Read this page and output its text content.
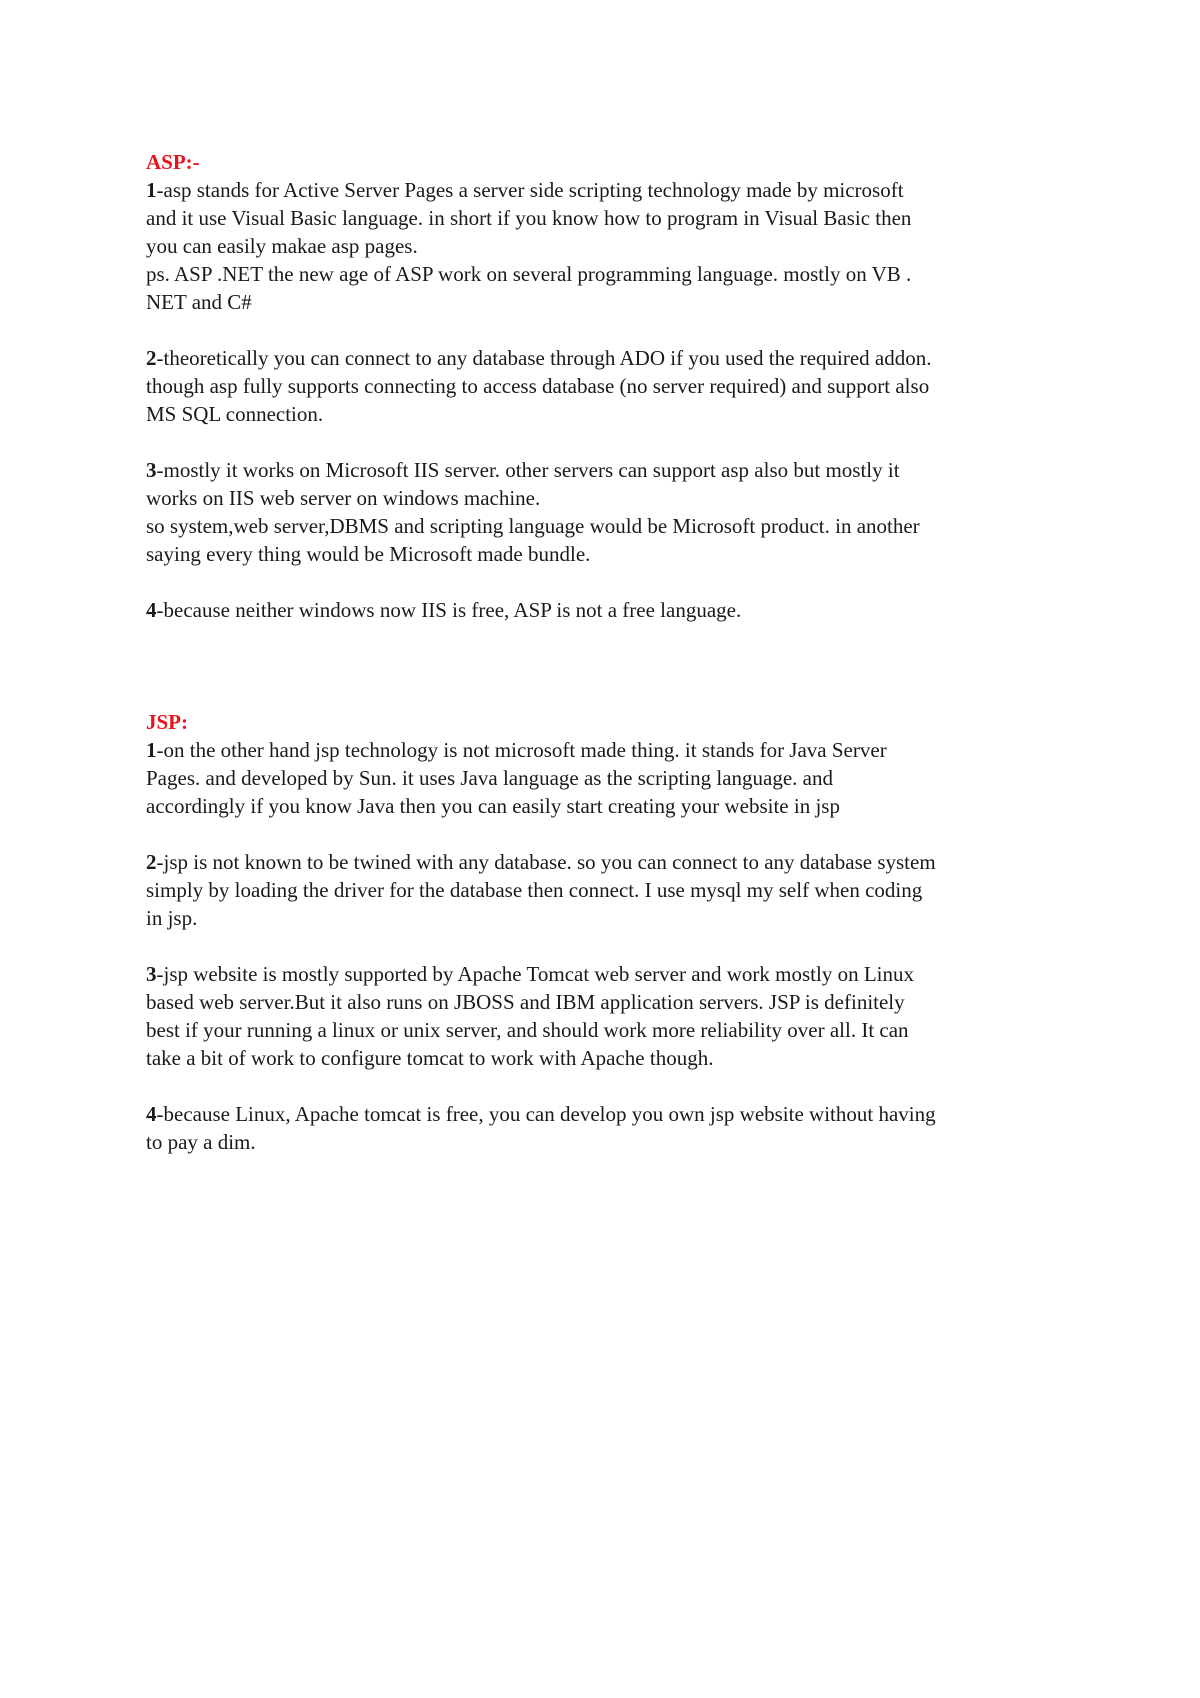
ASP:-
1-asp stands for Active Server Pages a server side scripting technology made by microsoft
and it use Visual Basic language. in short if you know how to program in Visual Basic then
you can easily makae asp pages.
ps. ASP .NET the new age of ASP work on several programming language. mostly on VB .
NET and C#
2-theoretically you can connect to any database through ADO if you used the required addon.
though asp fully supports connecting to access database (no server required) and support also
MS SQL connection.
3-mostly it works on Microsoft IIS server. other servers can support asp also but mostly it
works on IIS web server on windows machine.
so system,web server,DBMS and scripting language would be Microsoft product. in another
saying every thing would be Microsoft made bundle.
4-because neither windows now IIS is free, ASP is not a free language.
JSP:
1-on the other hand jsp technology is not microsoft made thing. it stands for Java Server
Pages. and developed by Sun. it uses Java language as the scripting language. and
accordingly if you know Java then you can easily start creating your website in jsp
2-jsp is not known to be twined with any database. so you can connect to any database system
simply by loading the driver for the database then connect. I use mysql my self when coding
in jsp.
3-jsp website is mostly supported by Apache Tomcat web server and work mostly on Linux
based web server.But it also runs on JBOSS and IBM application servers. JSP is definitely
best if your running a linux or unix server, and should work more reliability over all. It can
take a bit of work to configure tomcat to work with Apache though.
4-because Linux, Apache tomcat is free, you can develop you own jsp website without having
to pay a dim.
